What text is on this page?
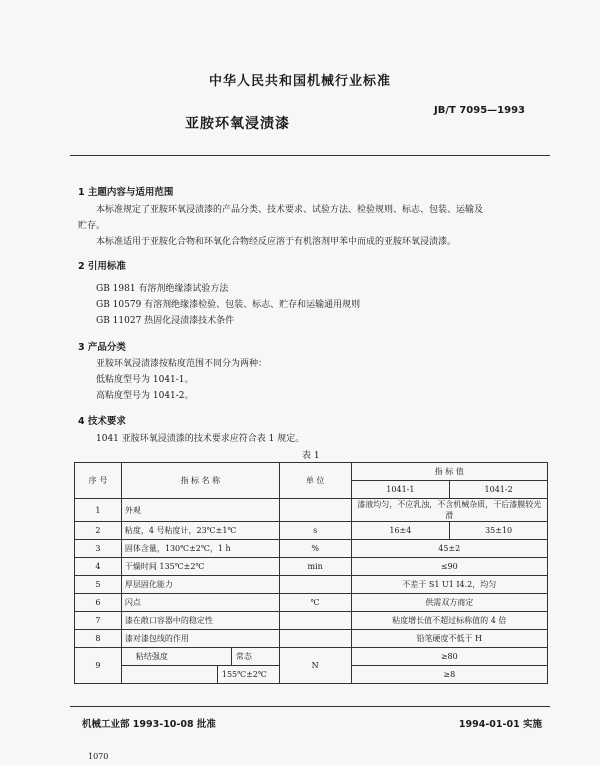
中华人民共和国机械行业标准
亚胺环氧浸渍漆
JB/T 7095—1993
1 主题内容与适用范围
本标准规定了亚胺环氧浸渍漆的产品分类、技术要求、试验方法、检验规则、标志、包装、运输及
贮存。
本标准适用于亚胺化合物和环氧化合物经反应溶于有机溶剂甲苯中而成的亚胺环氧浸渍漆。
2 引用标准
GB 1981 有溶剂绝缘漆试验方法
GB 10579 有溶剂绝缘漆检验、包装、标志、贮存和运输通用规则
GB 11027 热固化浸渍漆技术条件
3 产品分类
亚胺环氧浸渍漆按粘度范围不同分为两种：
低粘度型号为 1041-1。
高粘度型号为 1041-2。
4 技术要求
1041 亚胺环氧浸渍漆的技术要求应符合表 1 规定。
表 1
序 号	指 标 名 称	单 位	指 标 值	
			1041-1	1041-2
1	外观		漆液均匀，不应乳浊，不含机械杂质，干后漆膜较光滑	
2	粘度，4 号粘度计，23℃±1℃	s	16±4	35±10
3	固体含量，130℃±2℃，1 h	%	45±2	
4	干燥时间 135℃±2℃	min	≤90	
5	厚层固化能力		不差于 S1 U1 I4.2，均匀	
6	闪点	℃	供需双方商定	
7	漆在敞口容器中的稳定性		粘度增长值不超过标称值的 4 倍	
8	漆对漆包线的作用		铅笔硬度不低于 H	
9	粘结强度 常态	N	≥80	

155℃±2℃		≥8	
机械工业部 1993-10-08 批准	1994-01-01 实施
1070
